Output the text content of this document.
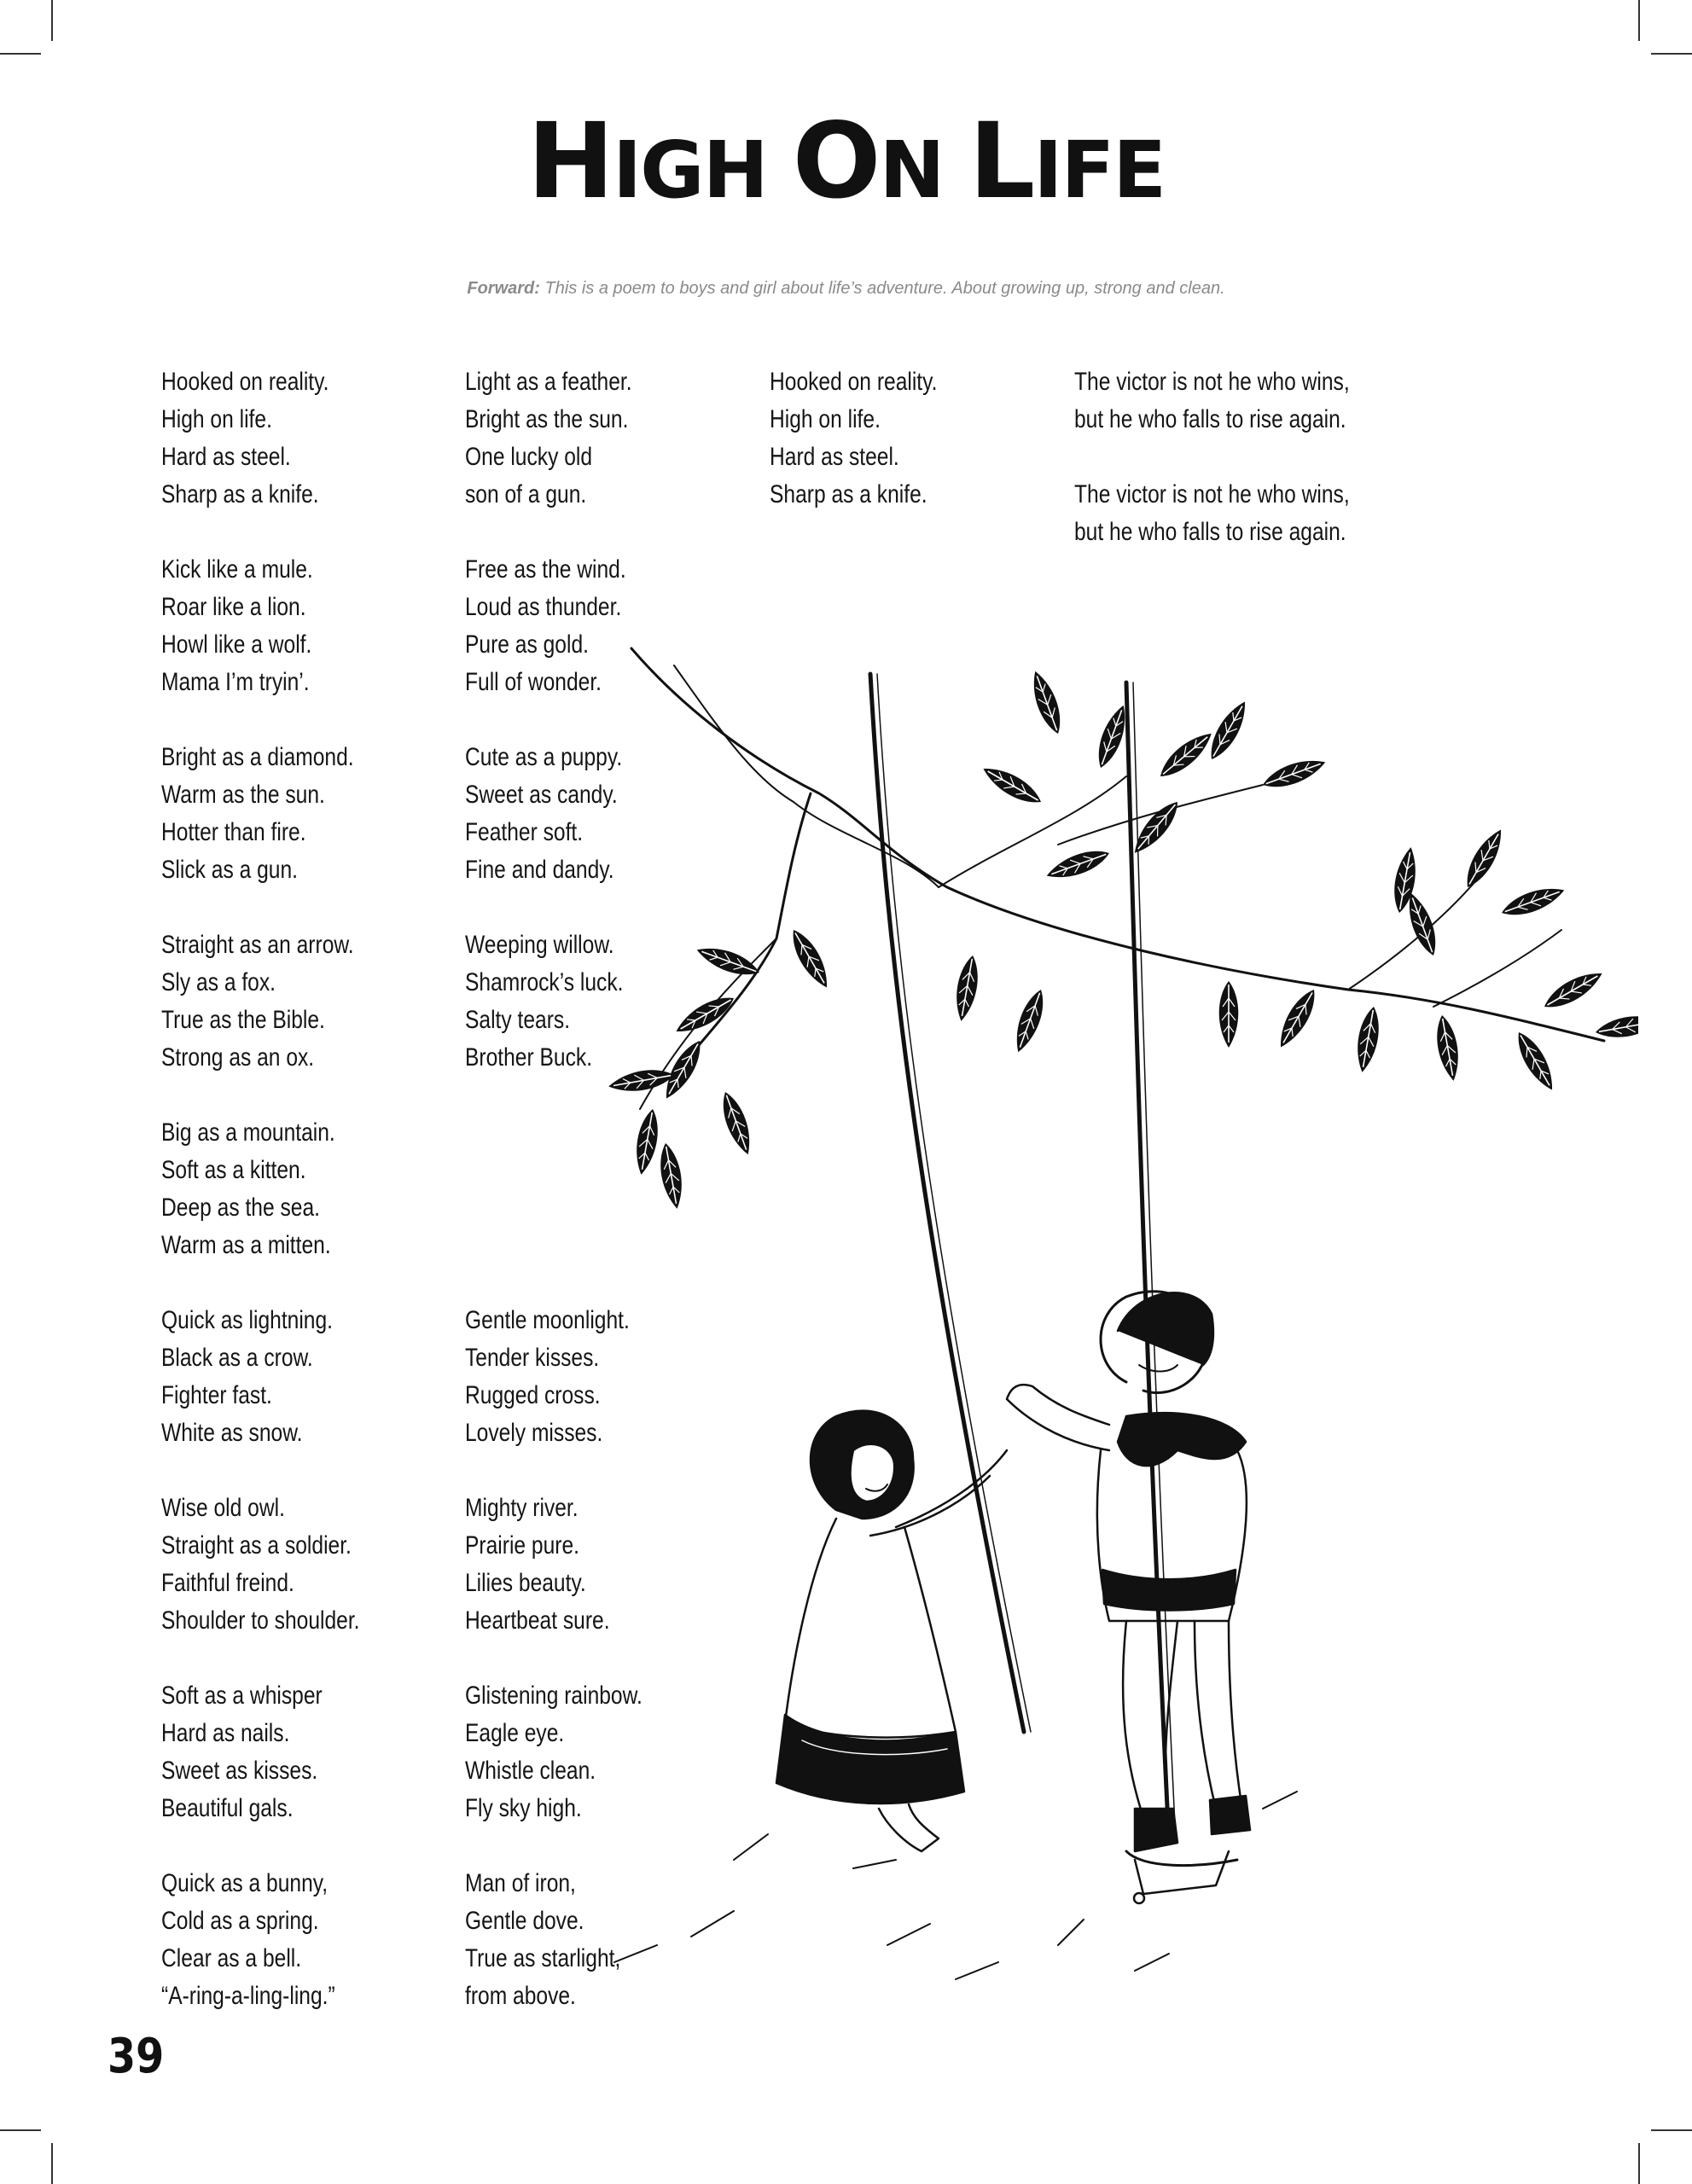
HIGH ON LIFE
Forward: This is a poem to boys and girl about life’s adventure. About growing up, strong and clean.
Hooked on reality.
High on life.
Hard as steel.
Sharp as a knife.
Kick like a mule.
Roar like a lion.
Howl like a wolf.
Mama I’m tryin’.
Bright as a diamond.
Warm as the sun.
Hotter than fire.
Slick as a gun.
Straight as an arrow.
Sly as a fox.
True as the Bible.
Strong as an ox.
Big as a mountain.
Soft as a kitten.
Deep as the sea.
Warm as a mitten.
Quick as lightning.
Black as a crow.
Fighter fast.
White as snow.
Wise old owl.
Straight as a soldier.
Faithful freind.
Shoulder to shoulder.
Soft as a whisper
Hard as nails.
Sweet as kisses.
Beautiful gals.
Quick as a bunny,
Cold as a spring.
Clear as a bell.
“A-ring-a-ling-ling.”
Light as a feather.
Bright as the sun.
One lucky old
son of a gun.
Free as the wind.
Loud as thunder.
Pure as gold.
Full of wonder.
Cute as a puppy.
Sweet as candy.
Feather soft.
Fine and dandy.
Weeping willow.
Shamrock’s luck.
Salty tears.
Brother Buck.
Gentle moonlight.
Tender kisses.
Rugged cross.
Lovely misses.
Mighty river.
Prairie pure.
Lilies beauty.
Heartbeat sure.
Glistening rainbow.
Eagle eye.
Whistle clean.
Fly sky high.
Man of iron,
Gentle dove.
True as starlight,
from above.
Hooked on reality.
High on life.
Hard as steel.
Sharp as a knife.
The victor is not he who wins,
but he who falls to rise again.
The victor is not he who wins,
but he who falls to rise again.
39
